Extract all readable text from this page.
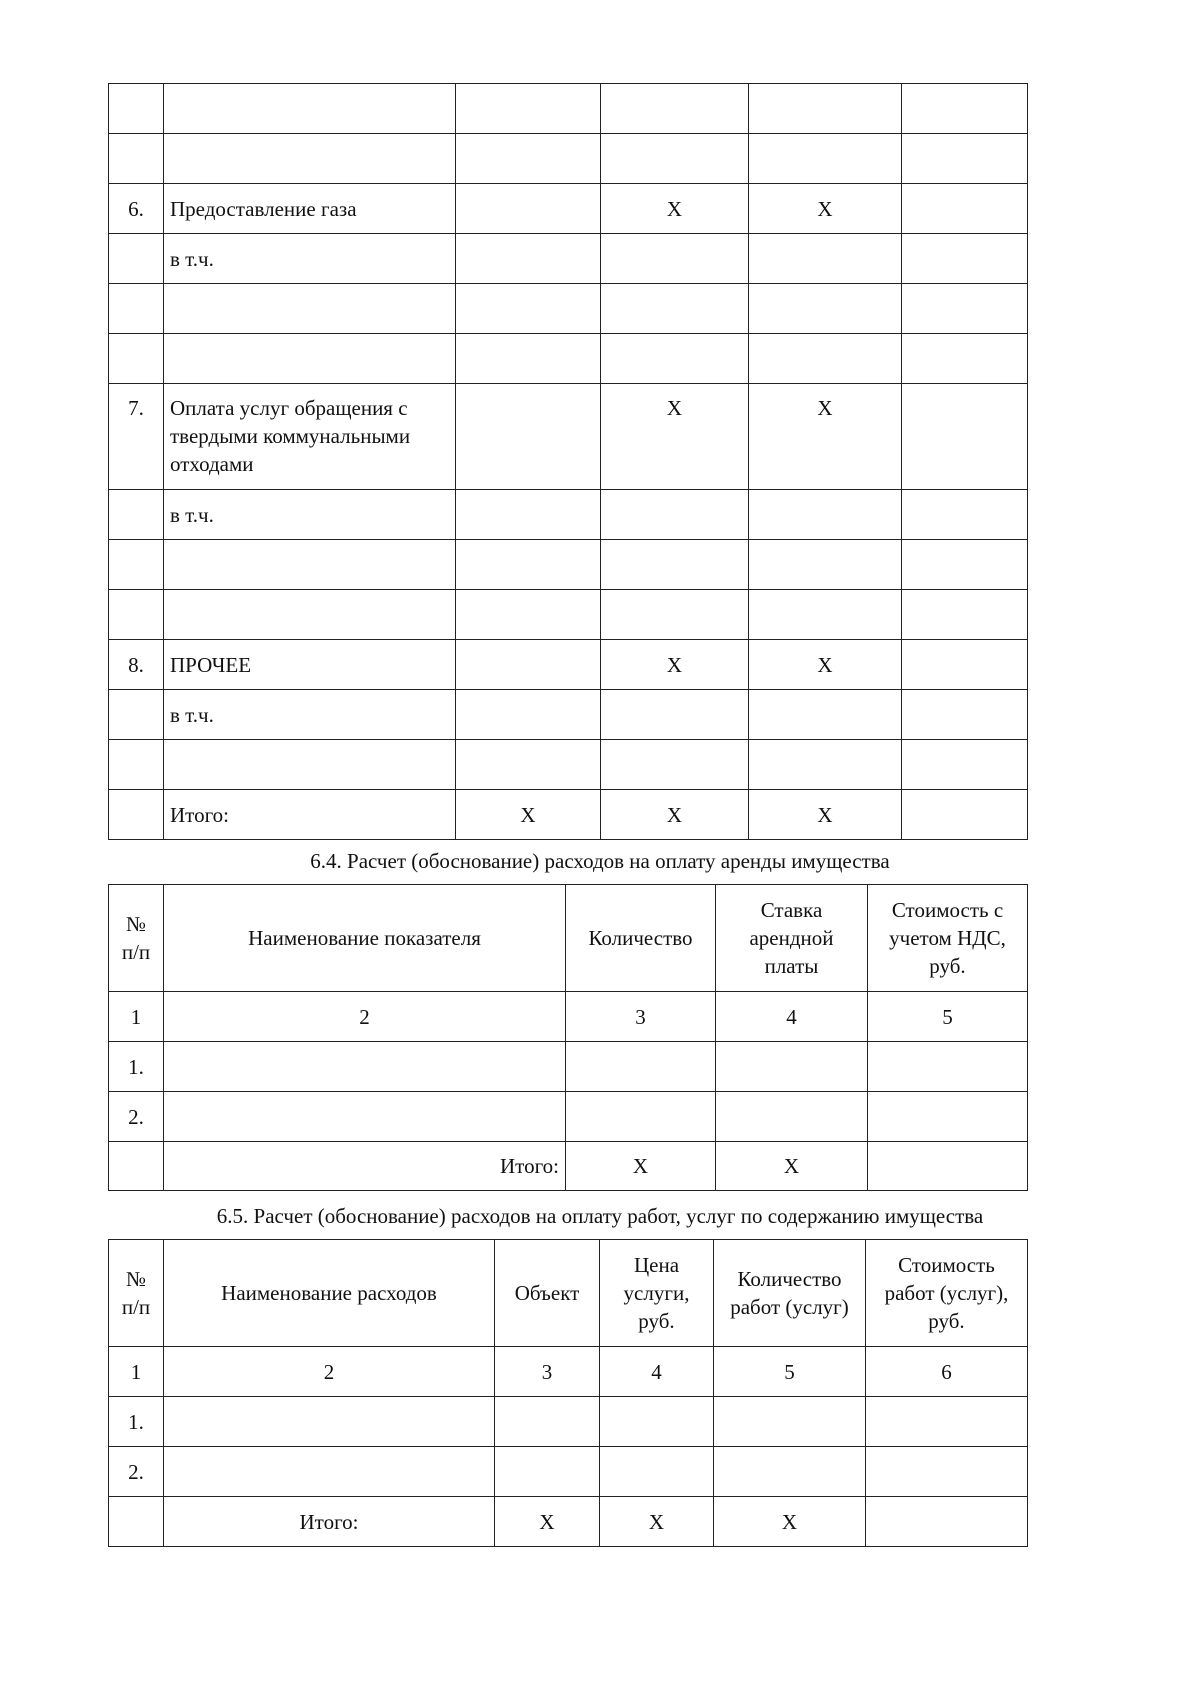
6.	Предоставление газа		X	X	
	в т.ч.				

7.	Оплата услуг обращения с твердыми коммунальными отходами		X	X	
	в т.ч.				

8.	ПРОЧЕЕ		X	X	
	в т.ч.				

	Итого:	X	X	X	
6.4. Расчет (обоснование) расходов на оплату аренды имущества
№ п/п	Наименование показателя	Количество	Ставка арендной платы	Стоимость с учетом НДС, руб.
1	2	3	4	5
1.				
2.				
	Итого:	X	X	
6.5. Расчет (обоснование) расходов на оплату работ, услуг по содержанию имущества
№ п/п	Наименование расходов	Объект	Цена услуги, руб.	Количество работ (услуг)	Стоимость работ (услуг), руб.
1	2	3	4	5	6
1.					
2.					
	Итого:	X	X	X	
